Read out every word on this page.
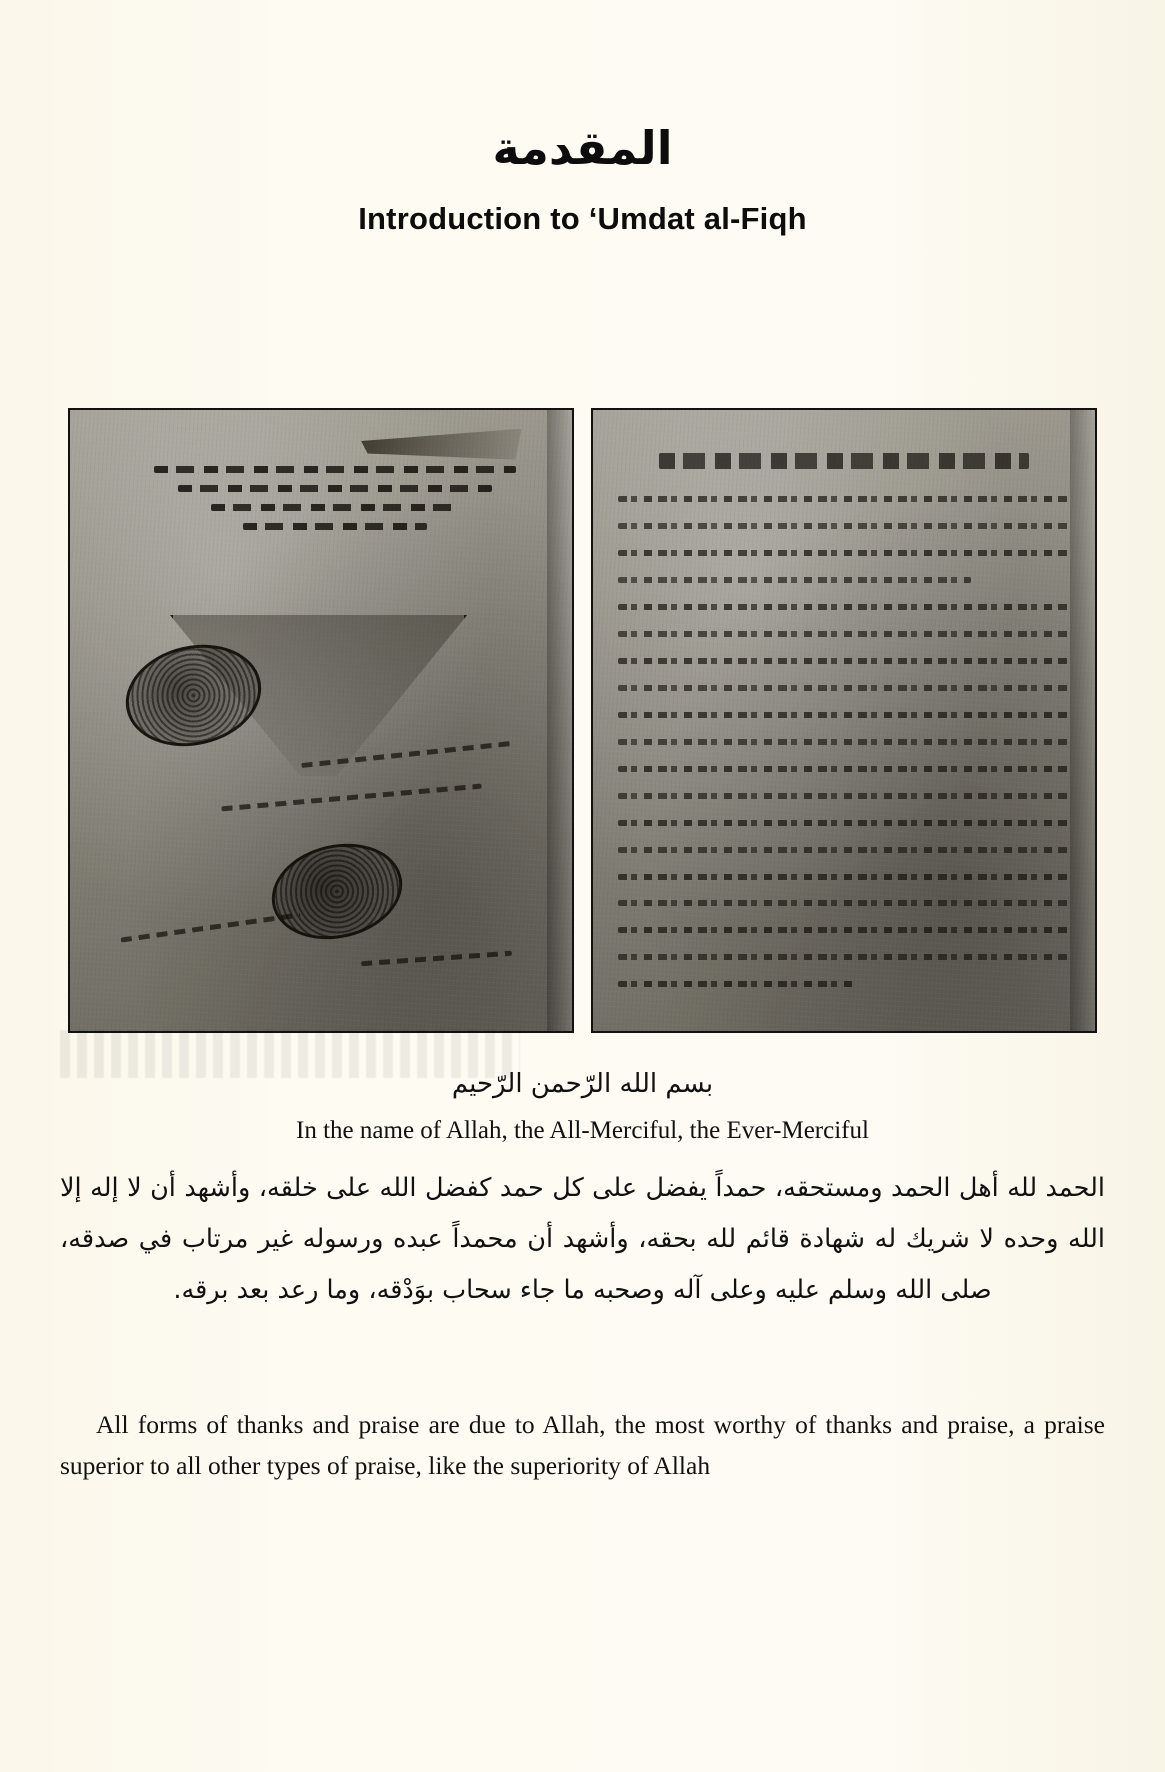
المقدمة
Introduction to ‘Umdat al-Fiqh
بسم الله الرّحمن الرّحيم
In the name of Allah, the All-Merciful, the Ever-Merciful
الحمد لله أهل الحمد ومستحقه، حمداً يفضل على كل حمد كفضل الله على خلقه، وأشهد أن لا إله إلا الله وحده لا شريك له شهادة قائم لله بحقه، وأشهد أن محمداً عبده ورسوله غير مرتاب في صدقه، صلى الله وسلم عليه وعلى آله وصحبه ما جاء سحاب بوَدْقه، وما رعد بعد برقه.
All forms of thanks and praise are due to Allah, the most worthy of thanks and praise, a praise superior to all other types of praise, like the superiority of Allah
